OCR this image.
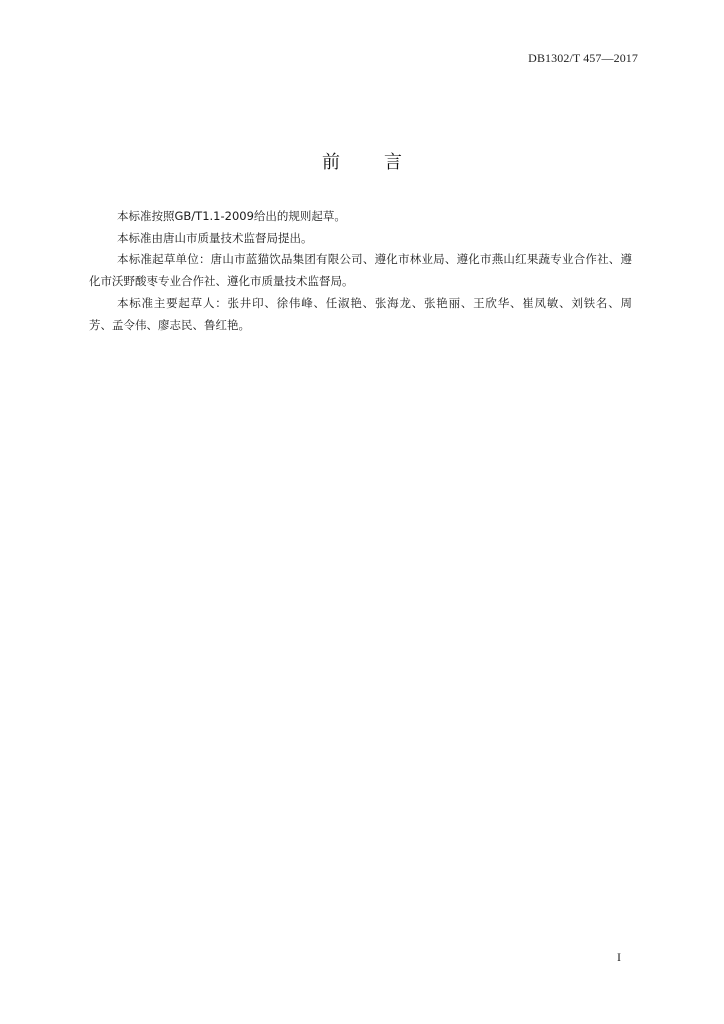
DB1302/T 457—2017
前 言

本标准按照GB/T1.1-2009给出的规则起草。

本标准由唐山市质量技术监督局提出。

本标准起草单位：唐山市蓝猫饮品集团有限公司、遵化市林业局、遵化市燕山红果蔬专业合作社、遵化市沃野酸枣专业合作社、遵化市质量技术监督局。

本标准主要起草人：张井印、徐伟峰、任淑艳、张海龙、张艳丽、王欣华、崔凤敏、刘铁名、周　芳、孟令伟、廖志民、鲁红艳。

I
